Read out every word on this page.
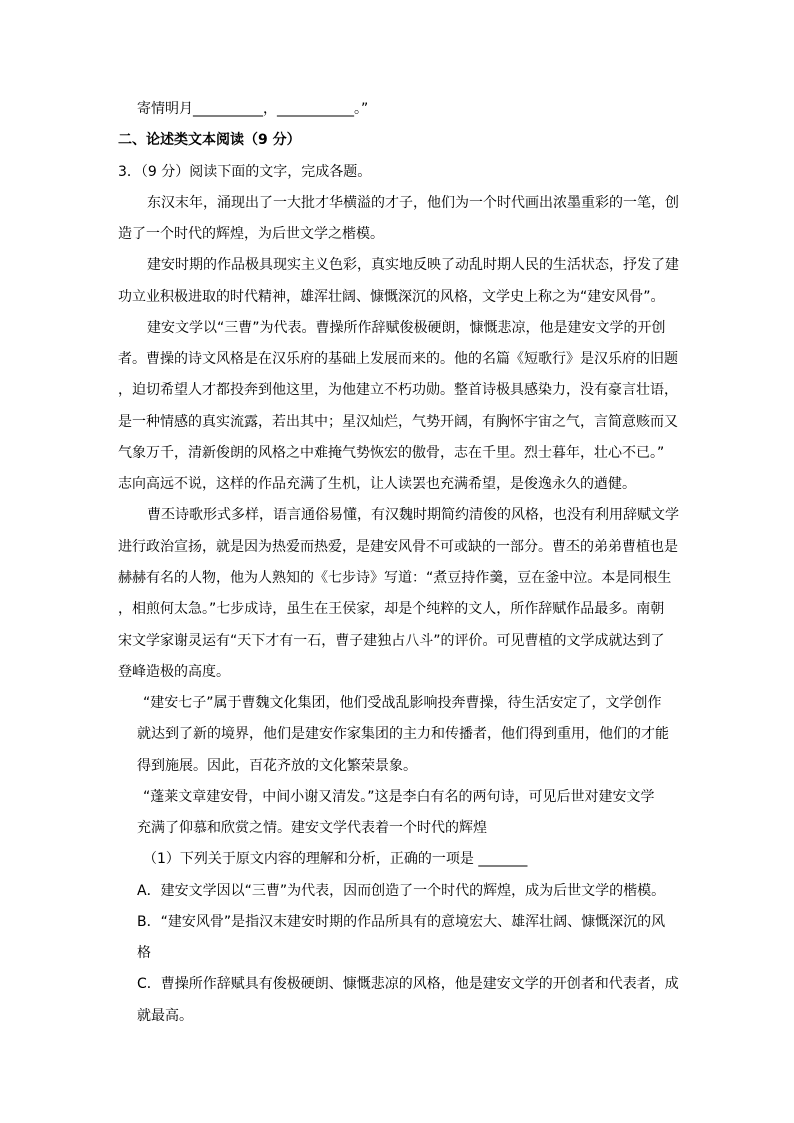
寄情明月__________，___________。”
二、论述类文本阅读（9 分）
3．（9 分）阅读下面的文字，完成各题。
东汉末年，涌现出了一大批才华横溢的才子，他们为一个时代画出浓墨重彩的一笔，创
造了一个时代的辉煌，为后世文学之楷模。
建安时期的作品极具现实主义色彩，真实地反映了动乱时期人民的生活状态，抒发了建
功立业积极进取的时代精神，雄浑壮阔、慷慨深沉的风格，文学史上称之为“建安风骨”。
建安文学以“三曹”为代表。曹操所作辞赋俊极硬朗，慷慨悲凉，他是建安文学的开创
者。曹操的诗文风格是在汉乐府的基础上发展而来的。他的名篇《短歌行》是汉乐府的旧题
，迫切希望人才都投奔到他这里，为他建立不朽功勋。整首诗极具感染力，没有豪言壮语，
是一种情感的真实流露，若出其中；星汉灿烂，气势开阔，有胸怀宇宙之气，言简意赅而又
气象万千，清新俊朗的风格之中难掩气势恢宏的傲骨，志在千里。烈士暮年，壮心不已。”
志向高远不说，这样的作品充满了生机，让人读罢也充满希望，是俊逸永久的遒健。
曹丕诗歌形式多样，语言通俗易懂，有汉魏时期简约清俊的风格，也没有利用辞赋文学
进行政治宣扬，就是因为热爱而热爱，是建安风骨不可或缺的一部分。曹丕的弟弟曹植也是
赫赫有名的人物，他为人熟知的《七步诗》写道：“煮豆持作羹，豆在釜中泣。本是同根生
，相煎何太急。”七步成诗，虽生在王侯家，却是个纯粹的文人，所作辞赋作品最多。南朝
宋文学家谢灵运有“天下才有一石，曹子建独占八斗”的评价。可见曹植的文学成就达到了
登峰造极的高度。
“建安七子”属于曹魏文化集团，他们受战乱影响投奔曹操，待生活安定了，文学创作
就达到了新的境界，他们是建安作家集团的主力和传播者，他们得到重用，他们的才能
得到施展。因此，百花齐放的文化繁荣景象。
“蓬莱文章建安骨，中间小谢又清发。”这是李白有名的两句诗，可见后世对建安文学
充满了仰慕和欣赏之情。建安文学代表着一个时代的辉煌
（1）下列关于原文内容的理解和分析，正确的一项是 _______
A．建安文学因以“三曹”为代表，因而创造了一个时代的辉煌，成为后世文学的楷模。
B．“建安风骨”是指汉末建安时期的作品所具有的意境宏大、雄浑壮阔、慷慨深沉的风
格
C．曹操所作辞赋具有俊极硬朗、慷慨悲凉的风格，他是建安文学的开创者和代表者，成
就最高。
